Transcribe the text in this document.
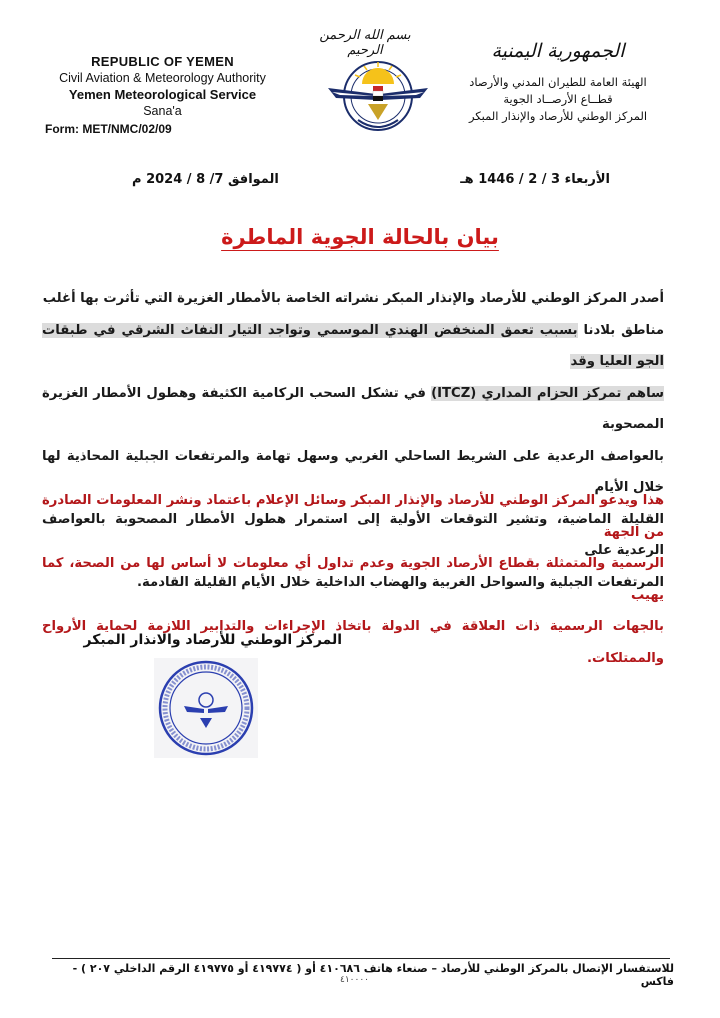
REPUBLIC OF YEMEN
Civil Aviation & Meteorology Authority
Yemen Meteorological Service
Sana'a
Form: MET/NMC/02/09
بسم الله الرحمن الرحيم	الجمهورية اليمنية
الهيئة العامة للطيران المدني والأرصاد
قطــاع الأرصــاد الجوية
المركز الوطني للأرصاد والإنذار المبكر
الأربعاء 3 / 2 / 1446 هـ
الموافق 7/ 8 / 2024 م
بيان بالحالة الجوية الماطرة
أصدر المركز الوطني للأرصاد والإنذار المبكر نشراته الخاصة بالأمطار الغزيرة التي تأثرت بها أغلب
مناطق بلادنا بسبب تعمق المنخفض الهندي الموسمي وتواجد التيار النفاث الشرقي في طبقات الجو العليا وقد
ساهم تمركز الحزام المداري (ITCZ) في تشكل السحب الركامية الكثيفة وهطول الأمطار الغزيرة المصحوبة
بالعواصف الرعدية على الشريط الساحلي الغربي وسهل تهامة والمرتفعات الجبلية المحاذية لها خلال الأيام
القليلة الماضية، وتشير التوقعات الأولية إلى استمرار هطول الأمطار المصحوبة بالعواصف الرعدية على
المرتفعات الجبلية والسواحل الغربية والهضاب الداخلية خلال الأيام القليلة القادمة.
هذا ويدعو المركز الوطني للأرصاد والإنذار المبكر وسائل الإعلام باعتماد ونشر المعلومات الصادرة من الجهة
الرسمية والمتمثلة بقطاع الأرصاد الجوية وعدم تداول أي معلومات لا أساس لها من الصحة، كما يهيب
بالجهات الرسمية ذات العلاقة في الدولة باتخاذ الإجراءات والتدابير اللازمة لحماية الأرواح والممتلكات.
المركز الوطني للأرصاد والانذار المبكر
للاستفسار الإتصال بالمركز الوطني للأرصاد – صنعاء هاتف ٤١٠٦٨٦ أو ( ٤١٩٧٧٤ أو ٤١٩٧٧٥ الرقم الداخلي ٢٠٧ ) - فاكس
٤١٠٠٠٠
